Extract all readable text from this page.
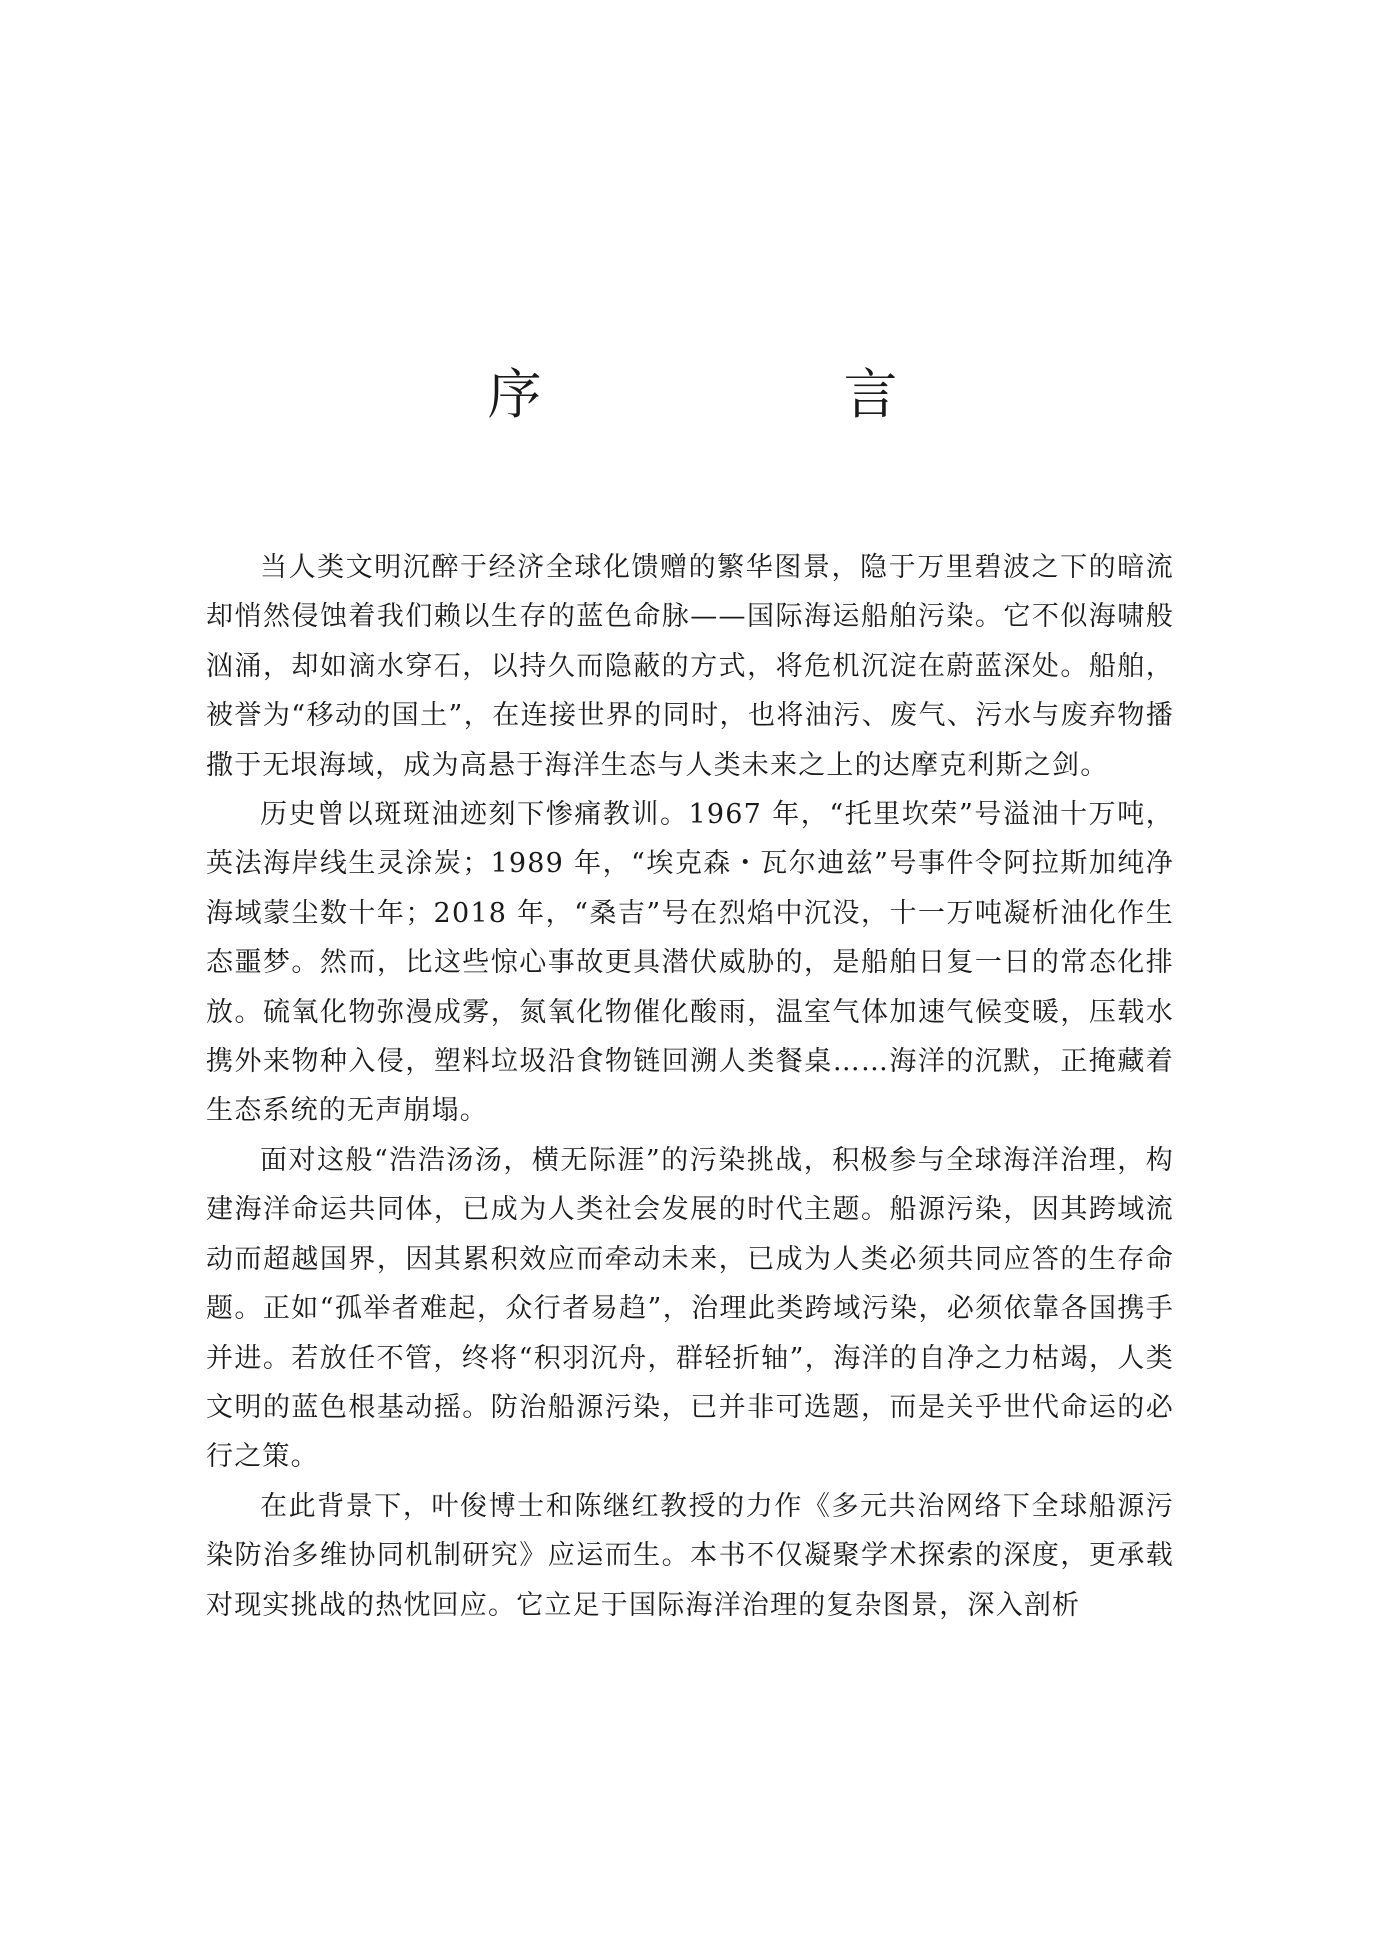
序　言

当人类文明沉醉于经济全球化馈赠的繁华图景，隐于万里碧波之下的暗流却悄然侵蚀着我们赖以生存的蓝色命脉——国际海运船舶污染。它不似海啸般汹涌，却如滴水穿石，以持久而隐蔽的方式，将危机沉淀在蔚蓝深处。船舶，被誉为“移动的国土”，在连接世界的同时，也将油污、废气、污水与废弃物播撒于无垠海域，成为高悬于海洋生态与人类未来之上的达摩克利斯之剑。

历史曾以斑斑油迹刻下惨痛教训。1967 年，“托里坎荣”号溢油十万吨，英法海岸线生灵涂炭；1989 年，“埃克森・瓦尔迪兹”号事件令阿拉斯加纯净海域蒙尘数十年；2018 年，“桑吉”号在烈焰中沉没，十一万吨凝析油化作生态噩梦。然而，比这些惊心事故更具潜伏威胁的，是船舶日复一日的常态化排放。硫氧化物弥漫成雾，氮氧化物催化酸雨，温室气体加速气候变暖，压载水携外来物种入侵，塑料垃圾沿食物链回溯人类餐桌……海洋的沉默，正掩藏着生态系统的无声崩塌。

面对这般“浩浩汤汤，横无际涯”的污染挑战，积极参与全球海洋治理，构建海洋命运共同体，已成为人类社会发展的时代主题。船源污染，因其跨域流动而超越国界，因其累积效应而牵动未来，已成为人类必须共同应答的生存命题。正如“孤举者难起，众行者易趋”，治理此类跨域污染，必须依靠各国携手并进。若放任不管，终将“积羽沉舟，群轻折轴”，海洋的自净之力枯竭，人类文明的蓝色根基动摇。防治船源污染，已并非可选题，而是关乎世代命运的必行之策。

在此背景下，叶俊博士和陈继红教授的力作《多元共治网络下全球船源污染防治多维协同机制研究》应运而生。本书不仅凝聚学术探索的深度，更承载对现实挑战的热忱回应。它立足于国际海洋治理的复杂图景，深入剖析
